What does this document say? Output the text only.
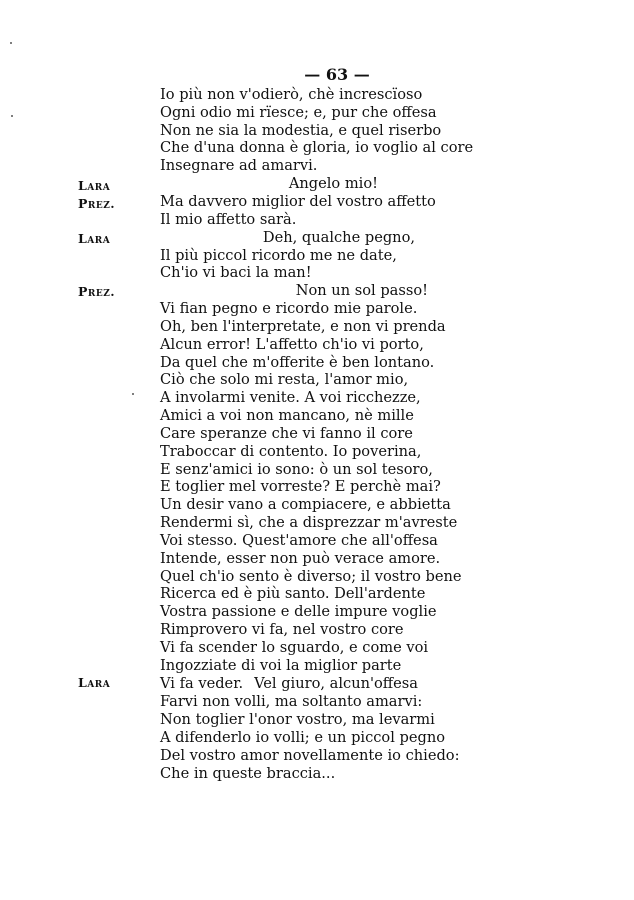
— 63 —
Lara
Prez.
Lara
Prez.
Lara
Io più non v'odierò, chè increscïoso
Ogni odio mi rïesce; e, pur che offesa
Non ne sia la modestia, e quel riserbo
Che d'una donna è gloria, io voglio al core
Insegnare ad amarvi.
Angelo mio!
Ma davvero miglior del vostro affetto
Il mio affetto sarà.
Deh, qualche pegno,
Il più piccol ricordo me ne date,
Ch'io vi baci la man!
Non un sol passo!
Vi fian pegno e ricordo mie parole.
Oh, ben l'interpretate, e non vi prenda
Alcun error! L'affetto ch'io vi porto,
Da quel che m'offerite è ben lontano.
Ciò che solo mi resta, l'amor mio,
A involarmi venite. A voi ricchezze,
Amici a voi non mancano, nè mille
Care speranze che vi fanno il core
Traboccar di contento. Io poverina,
E senz'amici io sono: ò un sol tesoro,
E toglier mel vorreste? E perchè mai?
Un desir vano a compiacere, e abbietta
Rendermi sì, che a disprezzar m'avreste
Voi stesso. Quest'amore che all'offesa
Intende, esser non può verace amore.
Quel ch'io sento è diverso; il vostro bene
Ricerca ed è più santo. Dell'ardente
Vostra passione e delle impure voglie
Rimprovero vi fa, nel vostro core
Vi fa scender lo sguardo, e come voi
Ingozziate di voi la miglior parte
Vi fa veder. Vel giuro, alcun'offesa
Farvi non volli, ma soltanto amarvi:
Non toglier l'onor vostro, ma levarmi
A difenderlo io volli; e un piccol pegno
Del vostro amor novellamente io chiedo:
Che in queste braccia...
